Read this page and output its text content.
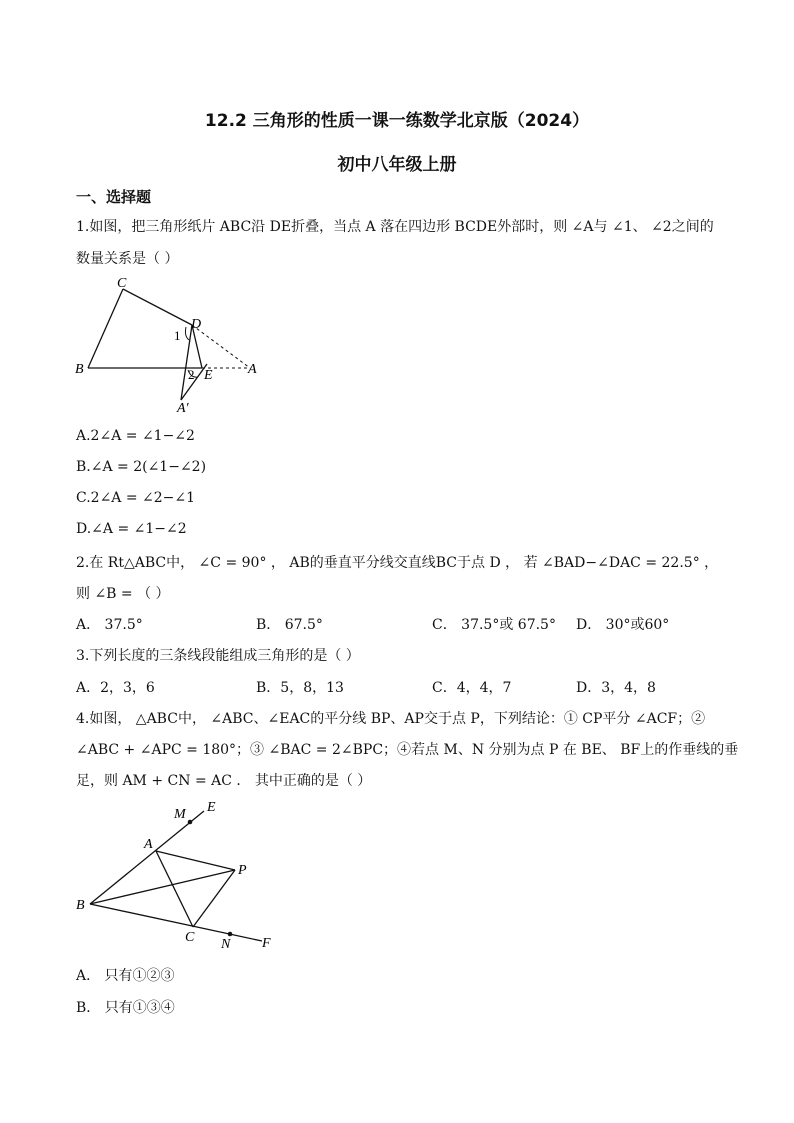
12.2 三角形的性质一课一练数学北京版（2024）
初中八年级上册
一、选择题
1.如图，把三角形纸片 ABC沿 DE折叠，当点 A 落在四边形 BCDE外部时，则 ∠A与 ∠1、 ∠2之间的
数量关系是（ ）
C
D
B	E	A
A′
1
2
A.2∠A = ∠1−∠2
B.∠A = 2(∠1−∠2)
C.2∠A = ∠2−∠1
D.∠A = ∠1−∠2
2.在 Rt△ABC中， ∠C = 90° ， AB的垂直平分线交直线BC于点 D ， 若 ∠BAD−∠DAC = 22.5° ，
则 ∠B = （ ）
A． 37.5°	B． 67.5°	C． 37.5°或 67.5° D． 30°或60°
3.下列长度的三条线段能组成三角形的是（ ）
A．2，3，6	B．5，8，13	C．4，4，7	D．3，4，8
4.如图， △ABC中， ∠ABC、∠EAC的平分线 BP、AP交于点 P，下列结论：① CP平分 ∠ACF；②
∠ABC + ∠APC = 180°；③ ∠BAC = 2∠BPC；④若点 M、N 分别为点 P 在 BE、 BF上的作垂线的垂
足，则 AM + CN = AC ． 其中正确的是（ ）
M E
A
P
B
C N F
A． 只有①②③
B． 只有①③④
